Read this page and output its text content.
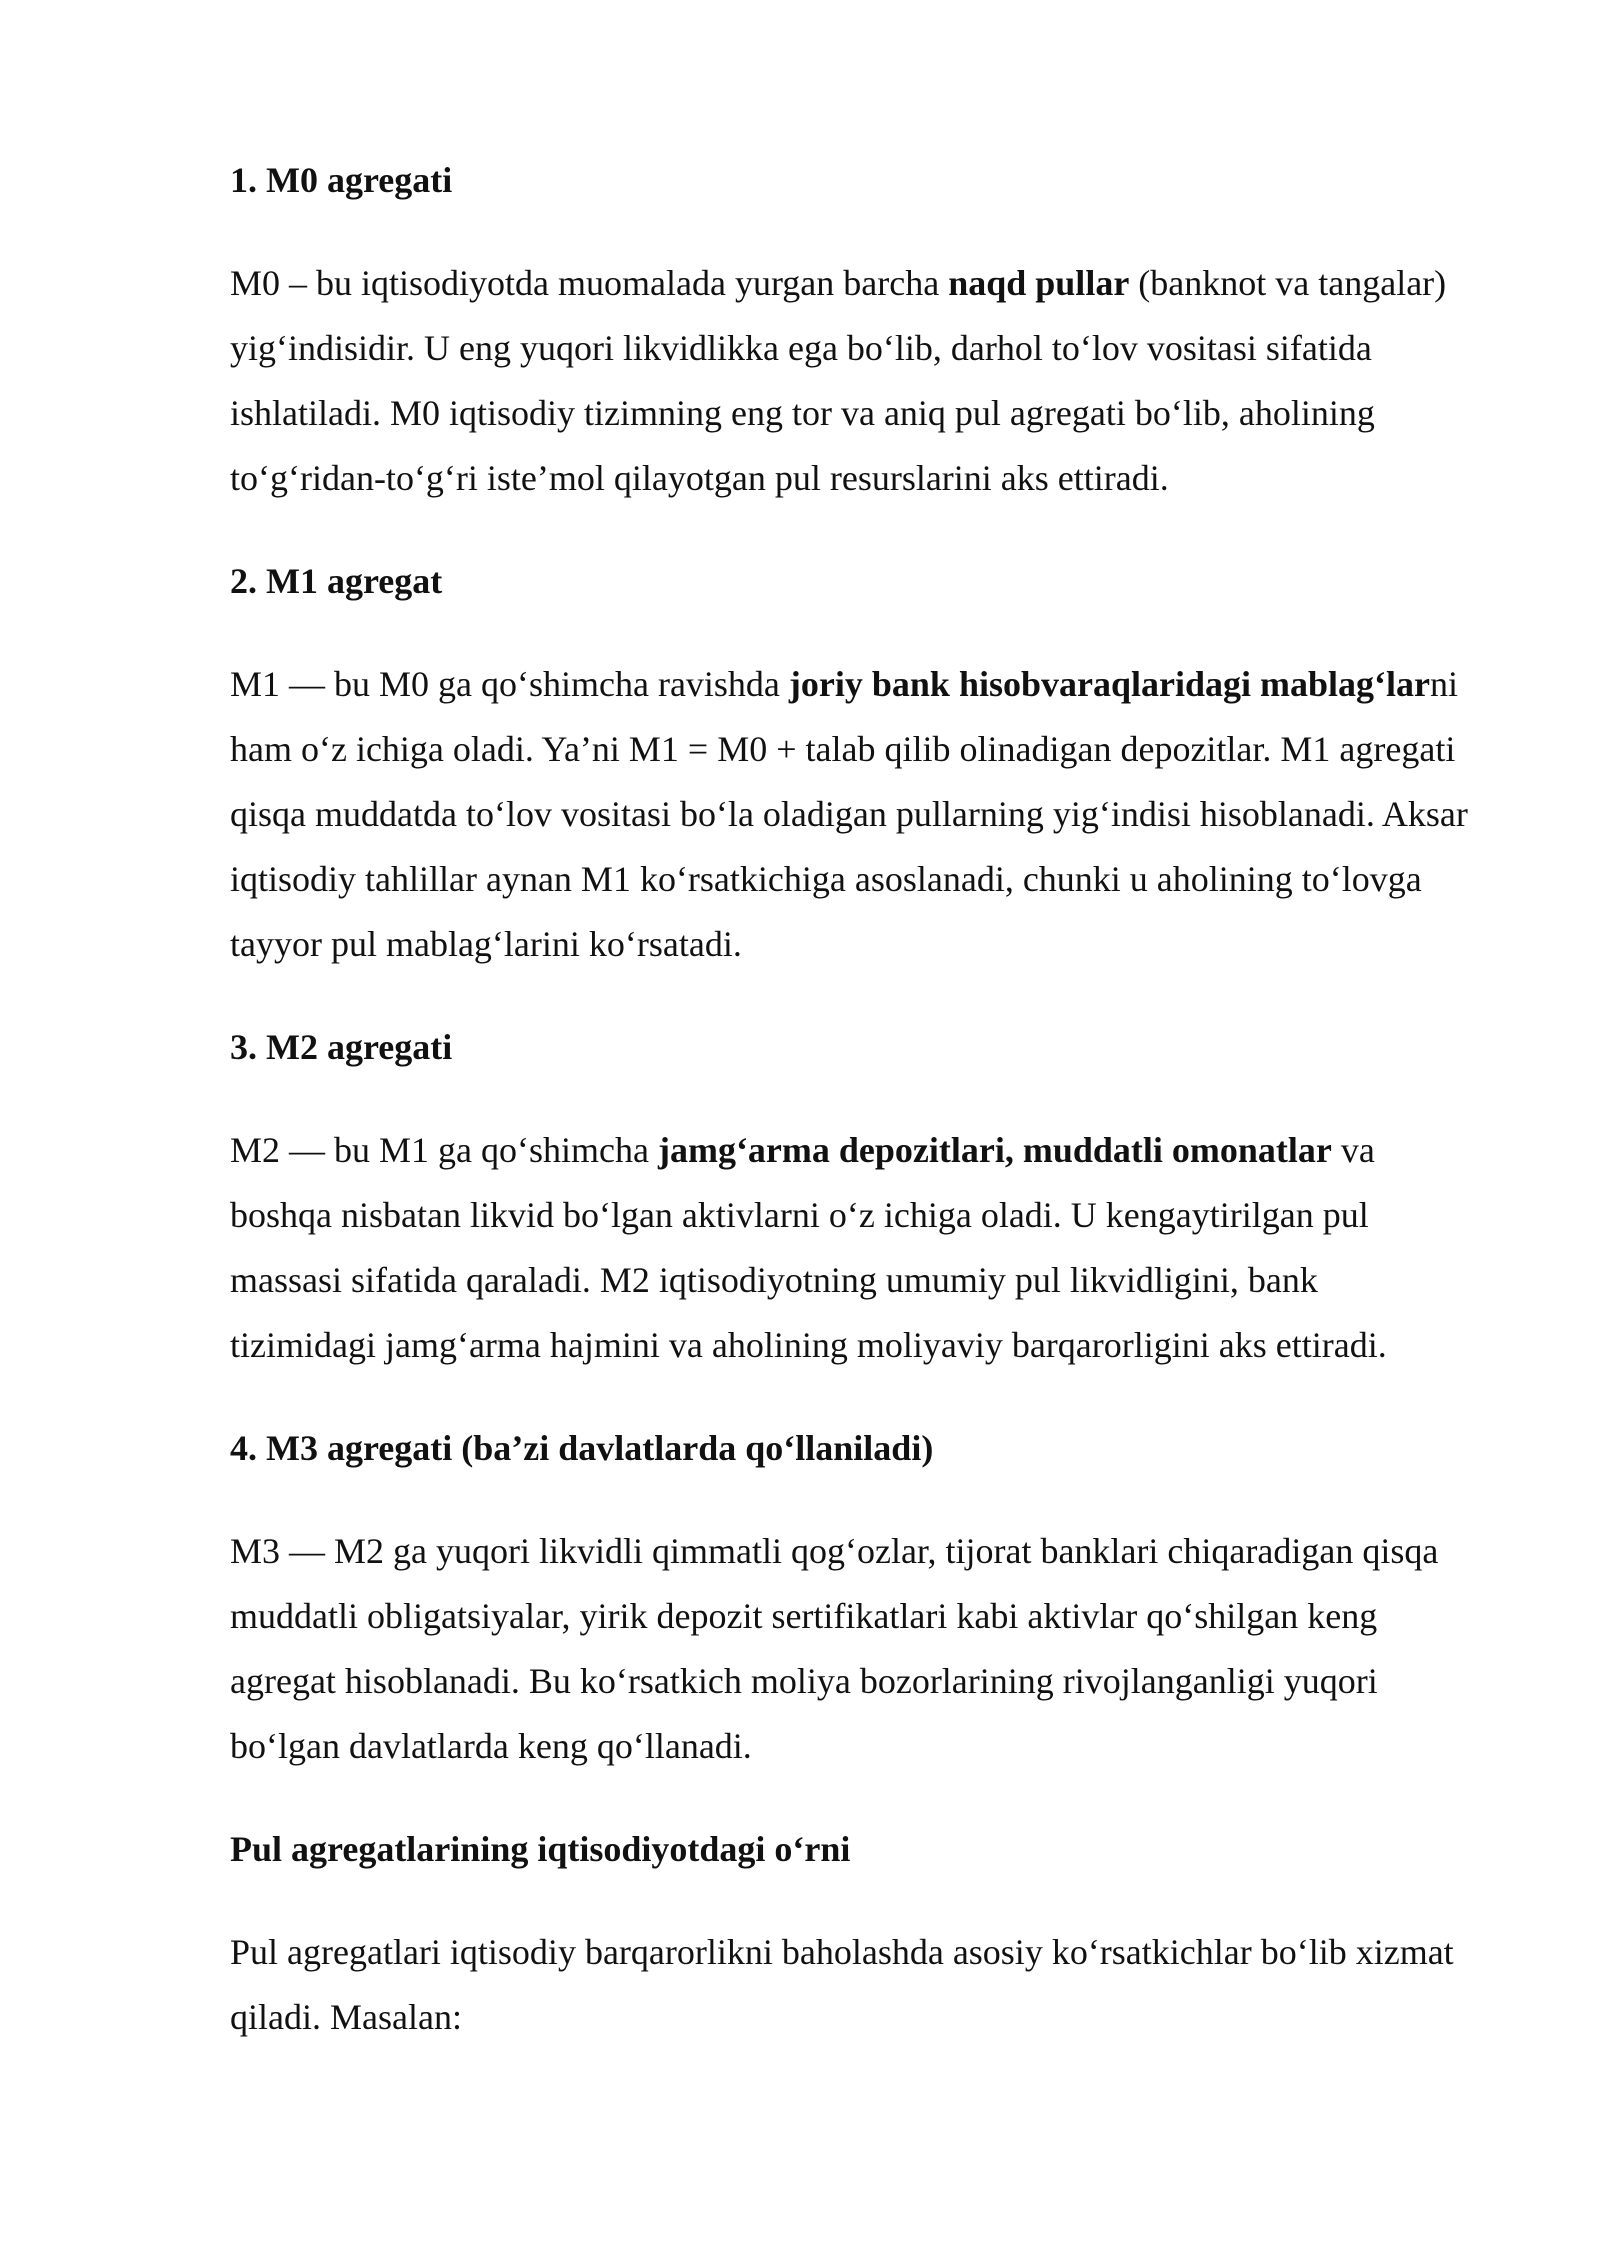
1. M0 agregati
M0 – bu iqtisodiyotda muomalada yurgan barcha naqd pullar (banknot va tangalar) yig‘indisidir. U eng yuqori likvidlikka ega bo‘lib, darhol to‘lov vositasi sifatida ishlatiladi. M0 iqtisodiy tizimning eng tor va aniq pul agregati bo‘lib, aholining to‘g‘ridan-to‘g‘ri iste’mol qilayotgan pul resurslarini aks ettiradi.
2. M1 agregat
M1 — bu M0 ga qo‘shimcha ravishda joriy bank hisobvaraqlaridagi mablag‘larni ham o‘z ichiga oladi. Ya’ni M1 = M0 + talab qilib olinadigan depozitlar. M1 agregati qisqa muddatda to‘lov vositasi bo‘la oladigan pullarning yig‘indisi hisoblanadi. Aksar iqtisodiy tahlillar aynan M1 ko‘rsatkichiga asoslanadi, chunki u aholining to‘lovga tayyor pul mablag‘larini ko‘rsatadi.
3. M2 agregati
M2 — bu M1 ga qo‘shimcha jamg‘arma depozitlari, muddatli omonatlar va boshqa nisbatan likvid bo‘lgan aktivlarni o‘z ichiga oladi. U kengaytirilgan pul massasi sifatida qaraladi. M2 iqtisodiyotning umumiy pul likvidligini, bank tizimidagi jamg‘arma hajmini va aholining moliyaviy barqarorligini aks ettiradi.
4. M3 agregati (ba’zi davlatlarda qo‘llaniladi)
M3 — M2 ga yuqori likvidli qimmatli qog‘ozlar, tijorat banklari chiqaradigan qisqa muddatli obligatsiyalar, yirik depozit sertifikatlari kabi aktivlar qo‘shilgan keng agregat hisoblanadi. Bu ko‘rsatkich moliya bozorlarining rivojlanganligi yuqori bo‘lgan davlatlarda keng qo‘llanadi.
Pul agregatlarining iqtisodiyotdagi o‘rni
Pul agregatlari iqtisodiy barqarorlikni baholashda asosiy ko‘rsatkichlar bo‘lib xizmat qiladi. Masalan:
